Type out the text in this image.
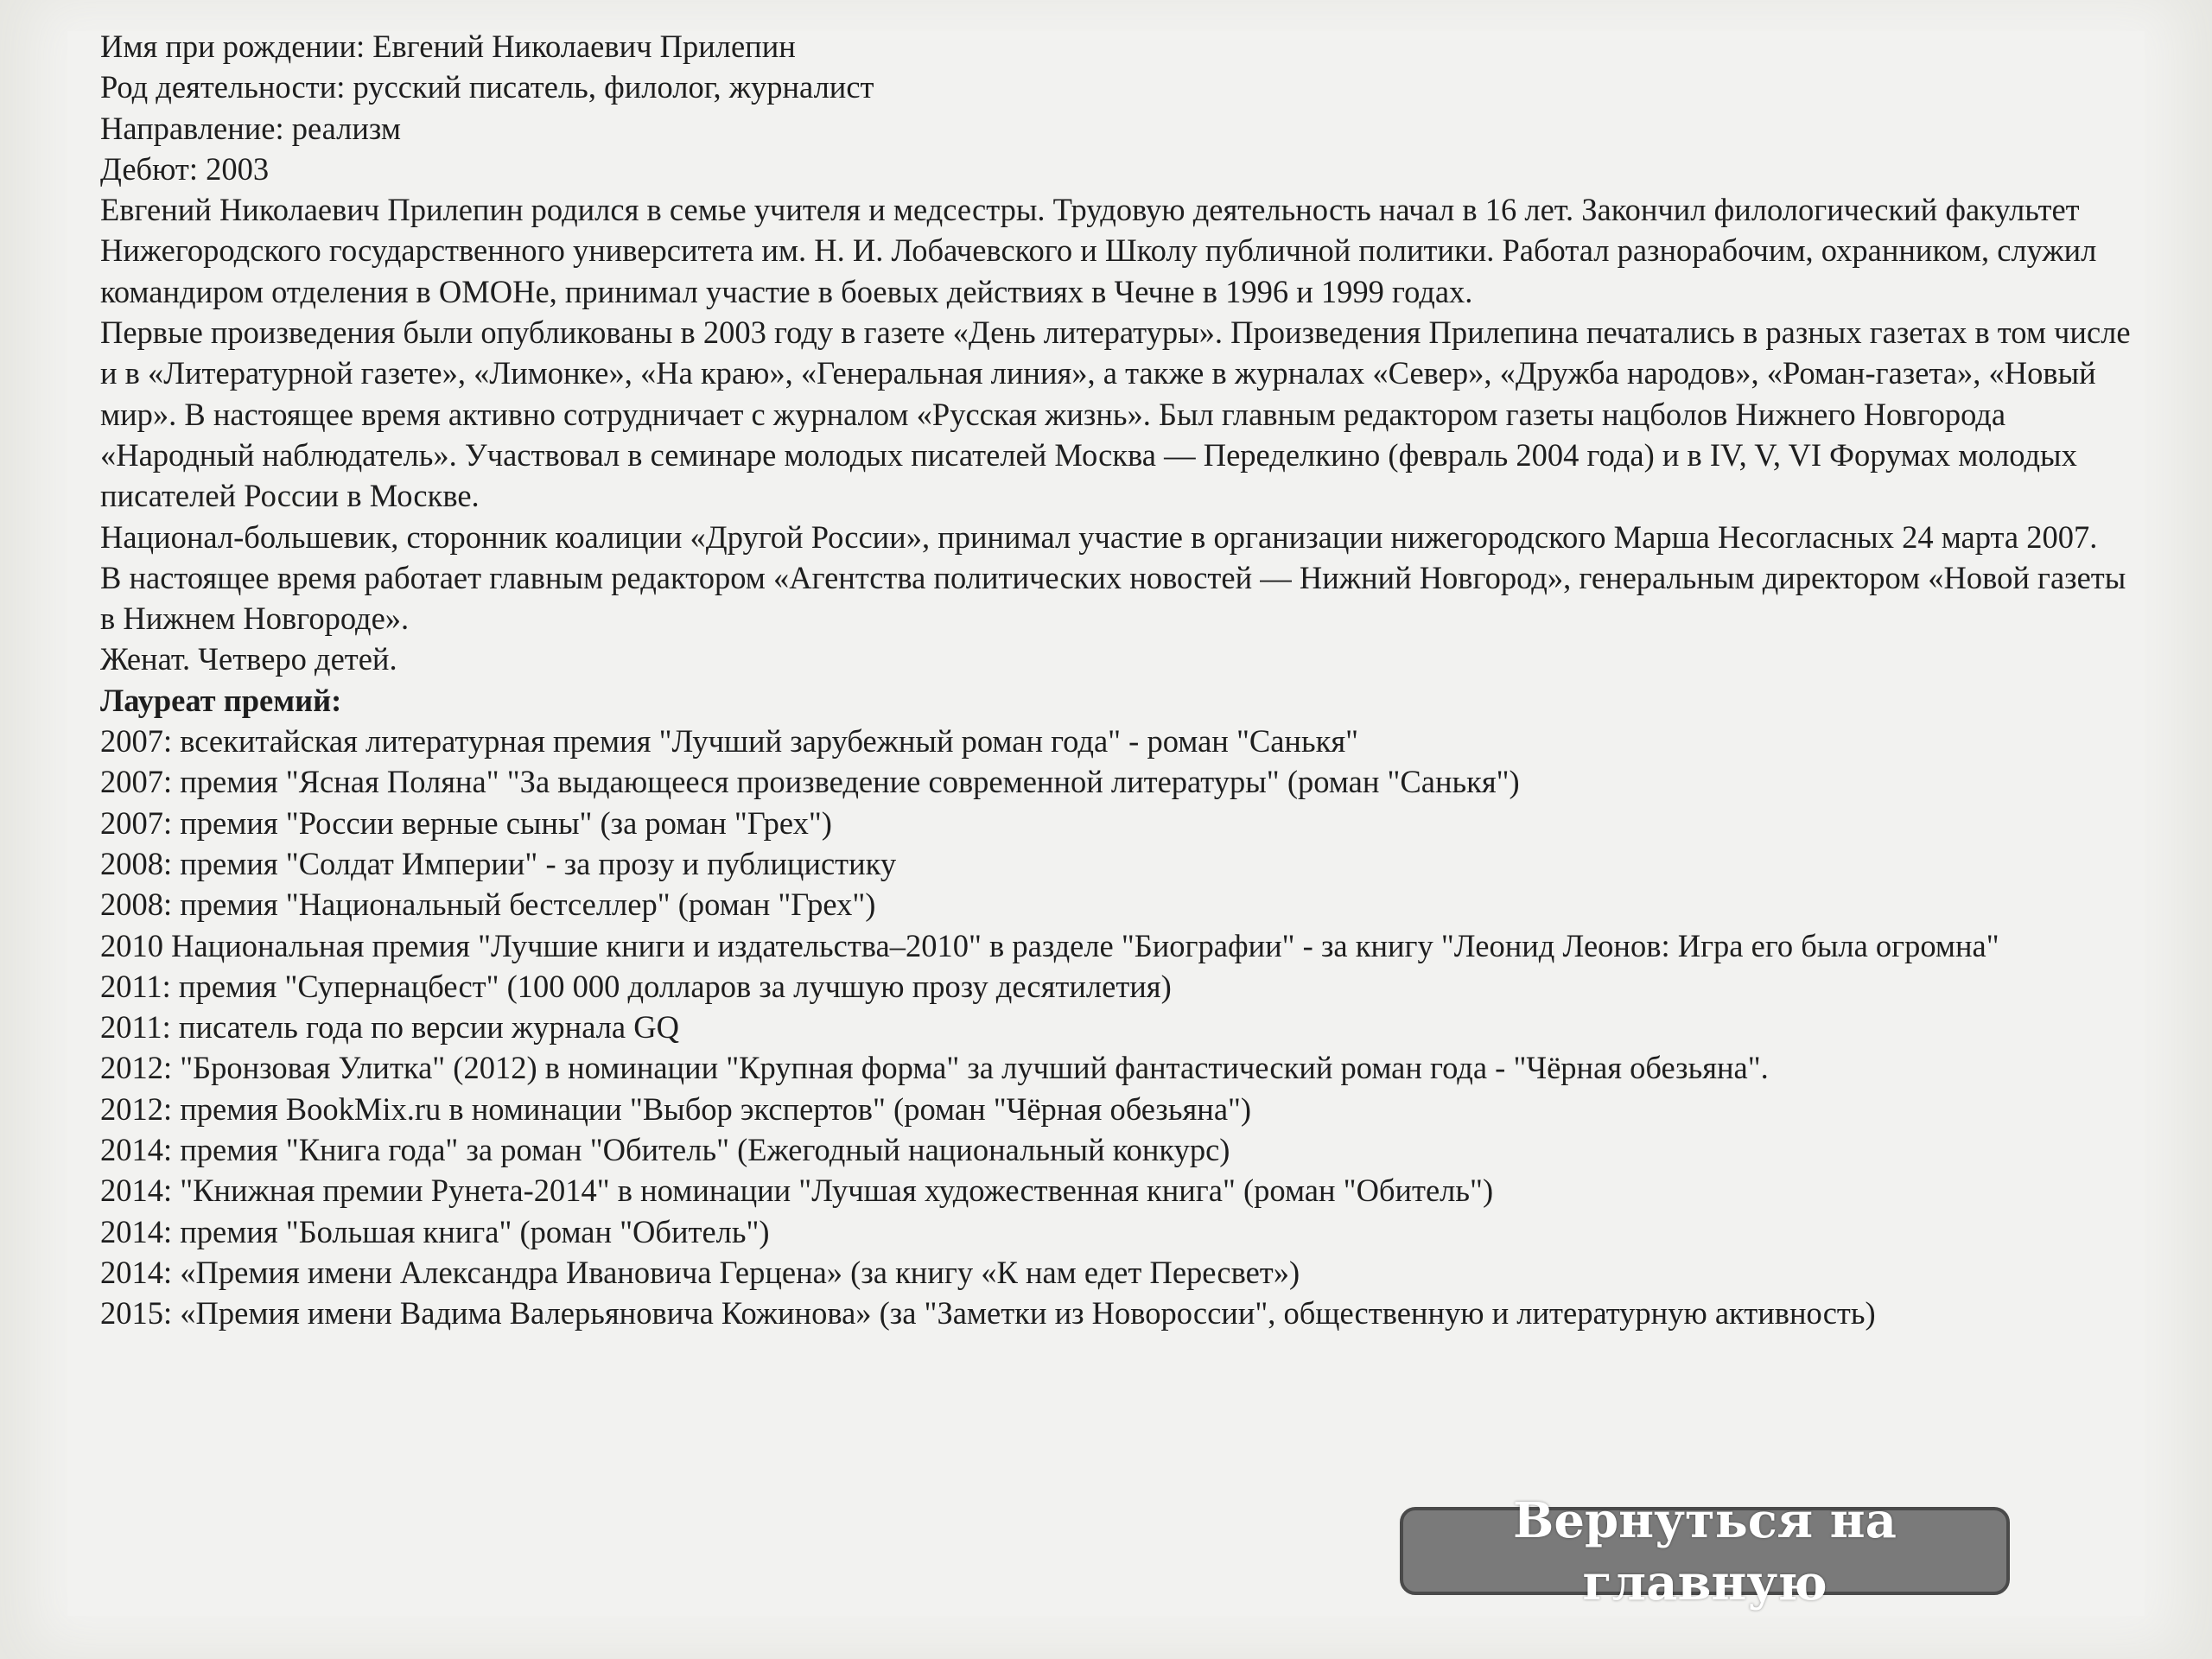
Имя при рождении: Евгений Николаевич Прилепин

Род деятельности: русский писатель, филолог, журналист

Направление: реализм

Дебют: 2003

Евгений Николаевич Прилепин родился в семье учителя и медсестры. Трудовую деятельность начал в 16 лет. Закончил филологический факультет Нижегородского государственного университета им. Н. И. Лобачевского и Школу публичной политики. Работал разнорабочим, охранником, служил командиром отделения в ОМОНе, принимал участие в боевых действиях в Чечне в 1996 и 1999 годах.

Первые произведения были опубликованы в 2003 году в газете «День литературы». Произведения Прилепина печатались в разных газетах в том числе и в «Литературной газете», «Лимонке», «На краю», «Генеральная линия», а также в журналах «Север», «Дружба народов», «Роман-газета», «Новый мир». В настоящее время активно сотрудничает с журналом «Русская жизнь». Был главным редактором газеты нацболов Нижнего Новгорода «Народный наблюдатель». Участвовал в семинаре молодых писателей Москва — Переделкино (февраль 2004 года) и в IV, V, VI Форумах молодых писателей России в Москве.

Национал-большевик, сторонник коалиции «Другой России», принимал участие в организации нижегородского Марша Несогласных 24 марта 2007.

В настоящее время работает главным редактором «Агентства политических новостей — Нижний Новгород», генеральным директором «Новой газеты в Нижнем Новгороде».

Женат. Четверо детей.

Лауреат премий:

2007: всекитайская литературная премия "Лучший зарубежный роман года" - роман "Санькя"

2007: премия "Ясная Поляна" "За выдающееся произведение современной литературы" (роман "Санькя")

2007: премия "России верные сыны" (за роман "Грех")

2008: премия "Солдат Империи" - за прозу и публицистику

2008: премия "Национальный бестселлер" (роман "Грех")

2010 Национальная премия "Лучшие книги и издательства–2010" в разделе "Биографии" - за книгу "Леонид Леонов: Игра его была огромна"

2011: премия "Супернацбест" (100 000 долларов за лучшую прозу десятилетия)

2011: писатель года по версии журнала GQ

2012: "Бронзовая Улитка" (2012) в номинации "Крупная форма" за лучший фантастический роман года - "Чёрная обезьяна".

2012: премия BookMix.ru в номинации "Выбор экспертов" (роман "Чёрная обезьяна")

2014: премия "Книга года" за роман "Обитель" (Ежегодный национальный конкурс)

2014: "Книжная премии Рунета-2014" в номинации "Лучшая художественная книга" (роман "Обитель")

2014: премия "Большая книга" (роман "Обитель")

2014: «Премия имени Александра Ивановича Герцена» (за книгу «К нам едет Пересвет»)

2015: «Премия имени Вадима Валерьяновича Кожинова» (за "Заметки из Новороссии", общественную и литературную активность)

Вернуться на главную
